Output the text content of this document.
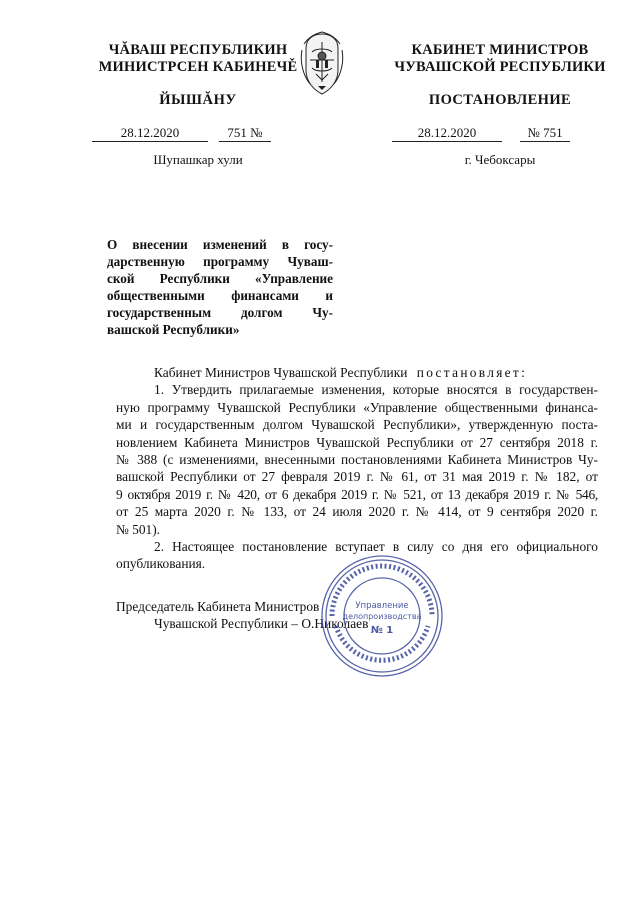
ЧĂВАШ РЕСПУБЛИКИН
МИНИСТРСЕН КАБИНЕЧĚ
ЙЫШĂНУ
28.12.2020	751 №
Шупашкар хули
КАБИНЕТ МИНИСТРОВ
ЧУВАШСКОЙ РЕСПУБЛИКИ
ПОСТАНОВЛЕНИЕ
28.12.2020	№ 751
г. Чебоксары
О внесении изменений в госу-
дарственную программу Чуваш-
ской Республики «Управление
общественными финансами и
государственным долгом Чу-
вашской Республики»
Кабинет Министров Чувашской Республики постановляет:
1. Утвердить прилагаемые изменения, которые вносятся в государствен-
ную программу Чувашской Республики «Управление общественными финанса-
ми и государственным долгом Чувашской Республики», утвержденную поста-
новлением Кабинета Министров Чувашской Республики от 27 сентября 2018 г.
№ 388 (с изменениями, внесенными постановлениями Кабинета Министров Чу-
вашской Республики от 27 февраля 2019 г. № 61, от 31 мая 2019 г. № 182, от
9 октября 2019 г. № 420, от 6 декабря 2019 г. № 521, от 13 декабря 2019 г. № 546,
от 25 марта 2020 г. № 133, от 24 июля 2020 г. № 414, от 9 сентября 2020 г.
№ 501).
2. Настоящее постановление вступает в силу со дня его официального
опубликования.
Председатель Кабинета Министров
Чувашской Республики – О.Николаев
Управление
делопроизводства
№ 1
